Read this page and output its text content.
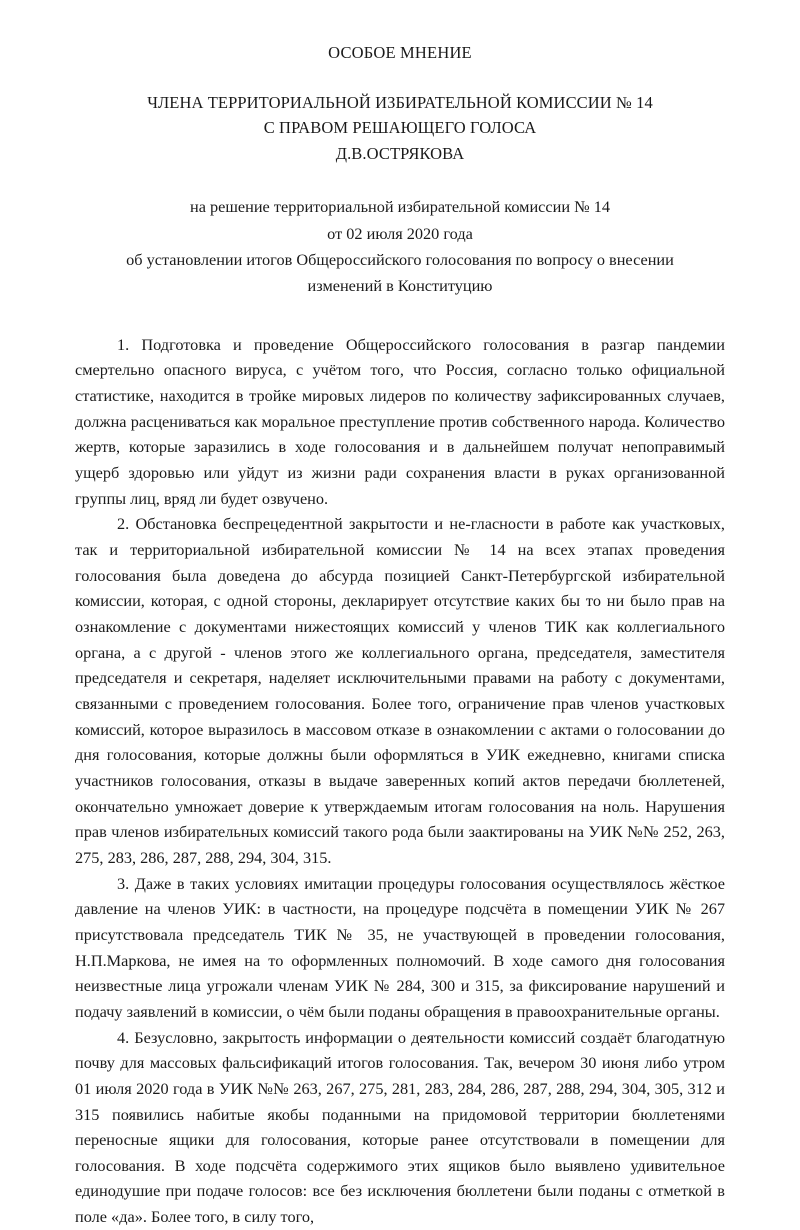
ОСОБОЕ МНЕНИЕ
ЧЛЕНА ТЕРРИТОРИАЛЬНОЙ ИЗБИРАТЕЛЬНОЙ КОМИССИИ № 14
С ПРАВОМ РЕШАЮЩЕГО ГОЛОСА
Д.В.ОСТРЯКОВА
на решение территориальной избирательной комиссии № 14
от 02 июля 2020 года
об установлении итогов Общероссийского голосования по вопросу о внесении
изменений в Конституцию

1. Подготовка и проведение Общероссийского голосования в разгар пандемии смертельно опасного вируса, с учётом того, что Россия, согласно только официальной статистике, находится в тройке мировых лидеров по количеству зафиксированных случаев, должна расцениваться как моральное преступление против собственного народа. Количество жертв, которые заразились в ходе голосования и в дальнейшем получат непоправимый ущерб здоровью или уйдут из жизни ради сохранения власти в руках организованной группы лиц, вряд ли будет озвучено.

2. Обстановка беспрецедентной закрытости и не-гласности в работе как участковых, так и территориальной избирательной комиссии № 14 на всех этапах проведения голосования была доведена до абсурда позицией Санкт-Петербургской избирательной комиссии, которая, с одной стороны, декларирует отсутствие каких бы то ни было прав на ознакомление с документами нижестоящих комиссий у членов ТИК как коллегиального органа, а с другой - членов этого же коллегиального органа, председателя, заместителя председателя и секретаря, наделяет исключительными правами на работу с документами, связанными с проведением голосования. Более того, ограничение прав членов участковых комиссий, которое выразилось в массовом отказе в ознакомлении с актами о голосовании до дня голосования, которые должны были оформляться в УИК ежедневно, книгами списка участников голосования, отказы в выдаче заверенных копий актов передачи бюллетеней, окончательно умножает доверие к утверждаемым итогам голосования на ноль. Нарушения прав членов избирательных комиссий такого рода были заактированы на УИК №№ 252, 263, 275, 283, 286, 287, 288, 294, 304, 315.

3. Даже в таких условиях имитации процедуры голосования осуществлялось жёсткое давление на членов УИК: в частности, на процедуре подсчёта в помещении УИК № 267 присутствовала председатель ТИК № 35, не участвующей в проведении голосования, Н.П.Маркова, не имея на то оформленных полномочий. В ходе самого дня голосования неизвестные лица угрожали членам УИК № 284, 300 и 315, за фиксирование нарушений и подачу заявлений в комиссии, о чём были поданы обращения в правоохранительные органы.

4. Безусловно, закрытость информации о деятельности комиссий создаёт благодатную почву для массовых фальсификаций итогов голосования. Так, вечером 30 июня либо утром 01 июля 2020 года в УИК №№ 263, 267, 275, 281, 283, 284, 286, 287, 288, 294, 304, 305, 312 и 315 появились набитые якобы поданными на придомовой территории бюллетенями переносные ящики для голосования, которые ранее отсутствовали в помещении для голосования. В ходе подсчёта содержимого этих ящиков было выявлено удивительное единодушие при подаче голосов: все без исключения бюллетени были поданы с отметкой в поле «да». Более того, в силу того,
